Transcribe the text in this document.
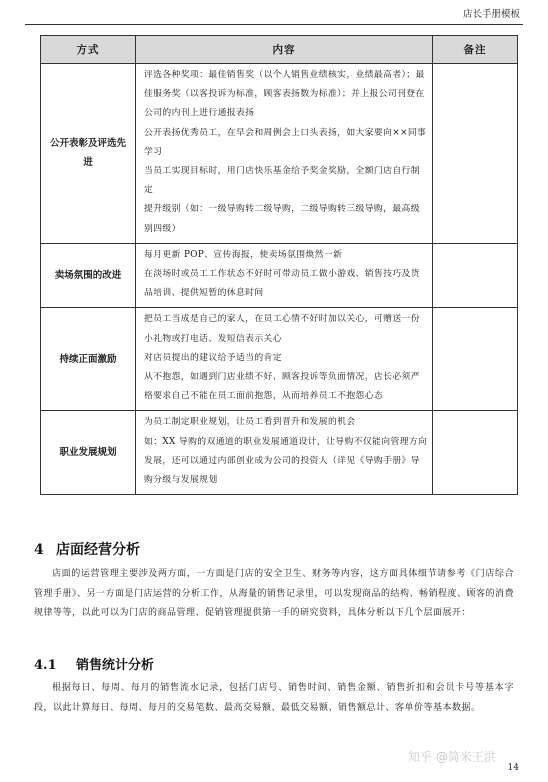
店长手册模板
方式	内容	备注
公开表彰及评选先进	评选各种奖项：最佳销售奖（以个人销售业绩核实，业绩最高者）；最佳服务奖（以客投诉为标准，顾客表扬数为标准）；并上报公司刊登在公司的内刊上进行通报表扬

公开表扬优秀员工，在早会和周例会上口头表扬，如大家要向××同事学习

当员工实现目标时，用门店快乐基金给予奖金奖励，全额门店自行制定

提升级别（如：一级导购转二级导购，二级导购转三级导购，最高级别四级）	

卖场氛围的改进	每月更新 POP、宣传海报，使卖场氛围焕然一新

在淡场时或员工工作状态不好时可带动员工做小游戏、销售技巧及货品培训、提供短暂的休息时间	

持续正面激励	把员工当成是自己的家人，在员工心情不好时加以关心，可赠送一份小礼物或打电话、发短信表示关心

对店员提出的建议给予适当的肯定

从不抱怨，如遇到门店业绩不好、顾客投诉等负面情况，店长必须严格要求自己不能在员工面前抱怨，从而培养员工不抱怨心态	

职业发展规划	为员工制定职业规划，让员工看到晋升和发展的机会

如：XX 导购的双通道的职业发展通道设计，让导购不仅能向管理方向发展，还可以通过内部创业成为公司的投资人（详见《导购手册》导购分级与发展规划	

4 店面经营分析

店面的运营管理主要涉及两方面，一方面是门店的安全卫生、财务等内容，这方面具体细节请参考《门店综合管理手册》、另一方面是门店运营的分析工作，从海量的销售记录里，可以发现商品的结构、畅销程度、顾客的消费规律等等，以此可以为门店的商品管理、促销管理提供第一手的研究资料，具体分析以下几个层面展开：

4.1 销售统计分析

根据每日、每周、每月的销售流水记录，包括门店号、销售时间、销售金额、销售折扣和会员卡号等基本字段，以此计算每日、每周、每月的交易笔数、最高交易额、最低交易额、销售额总计、客单价等基本数据。

知乎 @简米王洪
14
